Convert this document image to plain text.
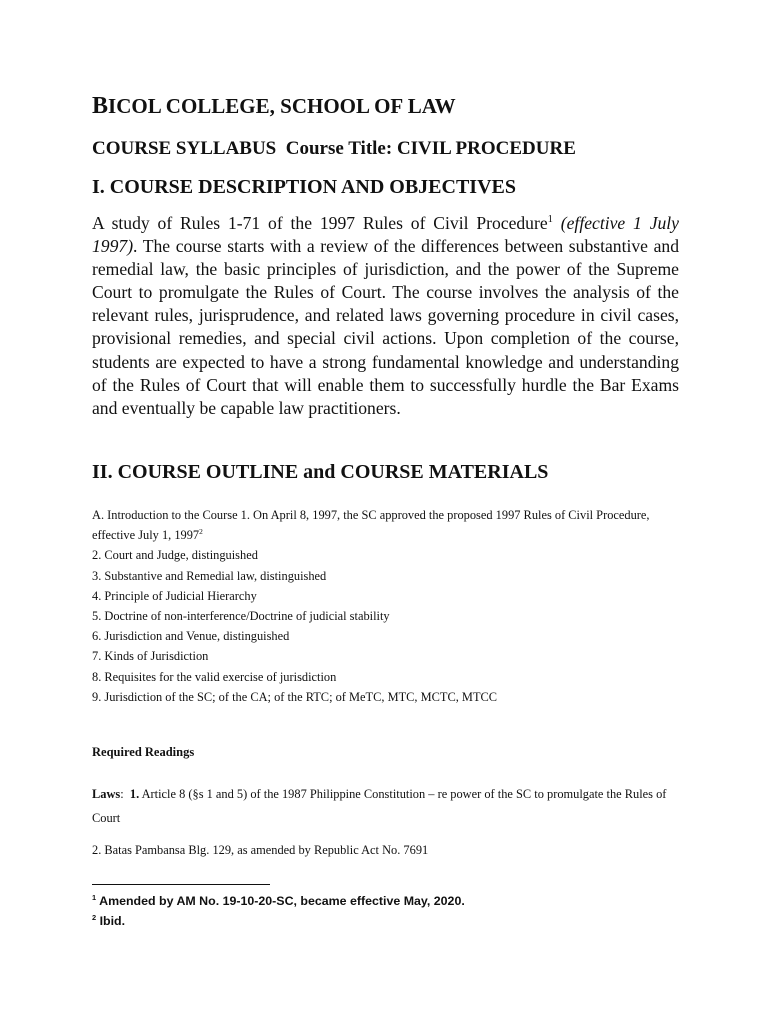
BICOL COLLEGE, SCHOOL OF LAW
COURSE SYLLABUS Course Title: CIVIL PROCEDURE
I. COURSE DESCRIPTION AND OBJECTIVES

A study of Rules 1-71 of the 1997 Rules of Civil Procedure$^1$ (effective 1 July 1997). The course starts with a review of the differences between substantive and remedial law, the basic principles of jurisdiction, and the power of the Supreme Court to promulgate the Rules of Court. The course involves the analysis of the relevant rules, jurisprudence, and related laws governing procedure in civil cases, provisional remedies, and special civil actions. Upon completion of the course, students are expected to have a strong fundamental knowledge and understanding of the Rules of Court that will enable them to successfully hurdle the Bar Exams and eventually be capable law practitioners.

II. COURSE OUTLINE and COURSE MATERIALS
A. Introduction to the Course 1. On April 8, 1997, the SC approved the proposed 1997 Rules of Civil Procedure, effective July 1, 1997$^2$
2. Court and Judge, distinguished
3. Substantive and Remedial law, distinguished
4. Principle of Judicial Hierarchy
5. Doctrine of non-interference/Doctrine of judicial stability
6. Jurisdiction and Venue, distinguished
7. Kinds of Jurisdiction
8. Requisites for the valid exercise of jurisdiction
9. Jurisdiction of the SC; of the CA; of the RTC; of MeTC, MTC, MCTC, MTCC
Required Readings

Laws:  1. Article 8 (§s 1 and 5) of the 1987 Philippine Constitution – re power of the SC to promulgate the Rules of Court

2. Batas Pambansa Blg. 129, as amended by Republic Act No. 7691
$^1$ Amended by AM No. 19-10-20-SC, became effective May, 2020.
$^2$ Ibid.
